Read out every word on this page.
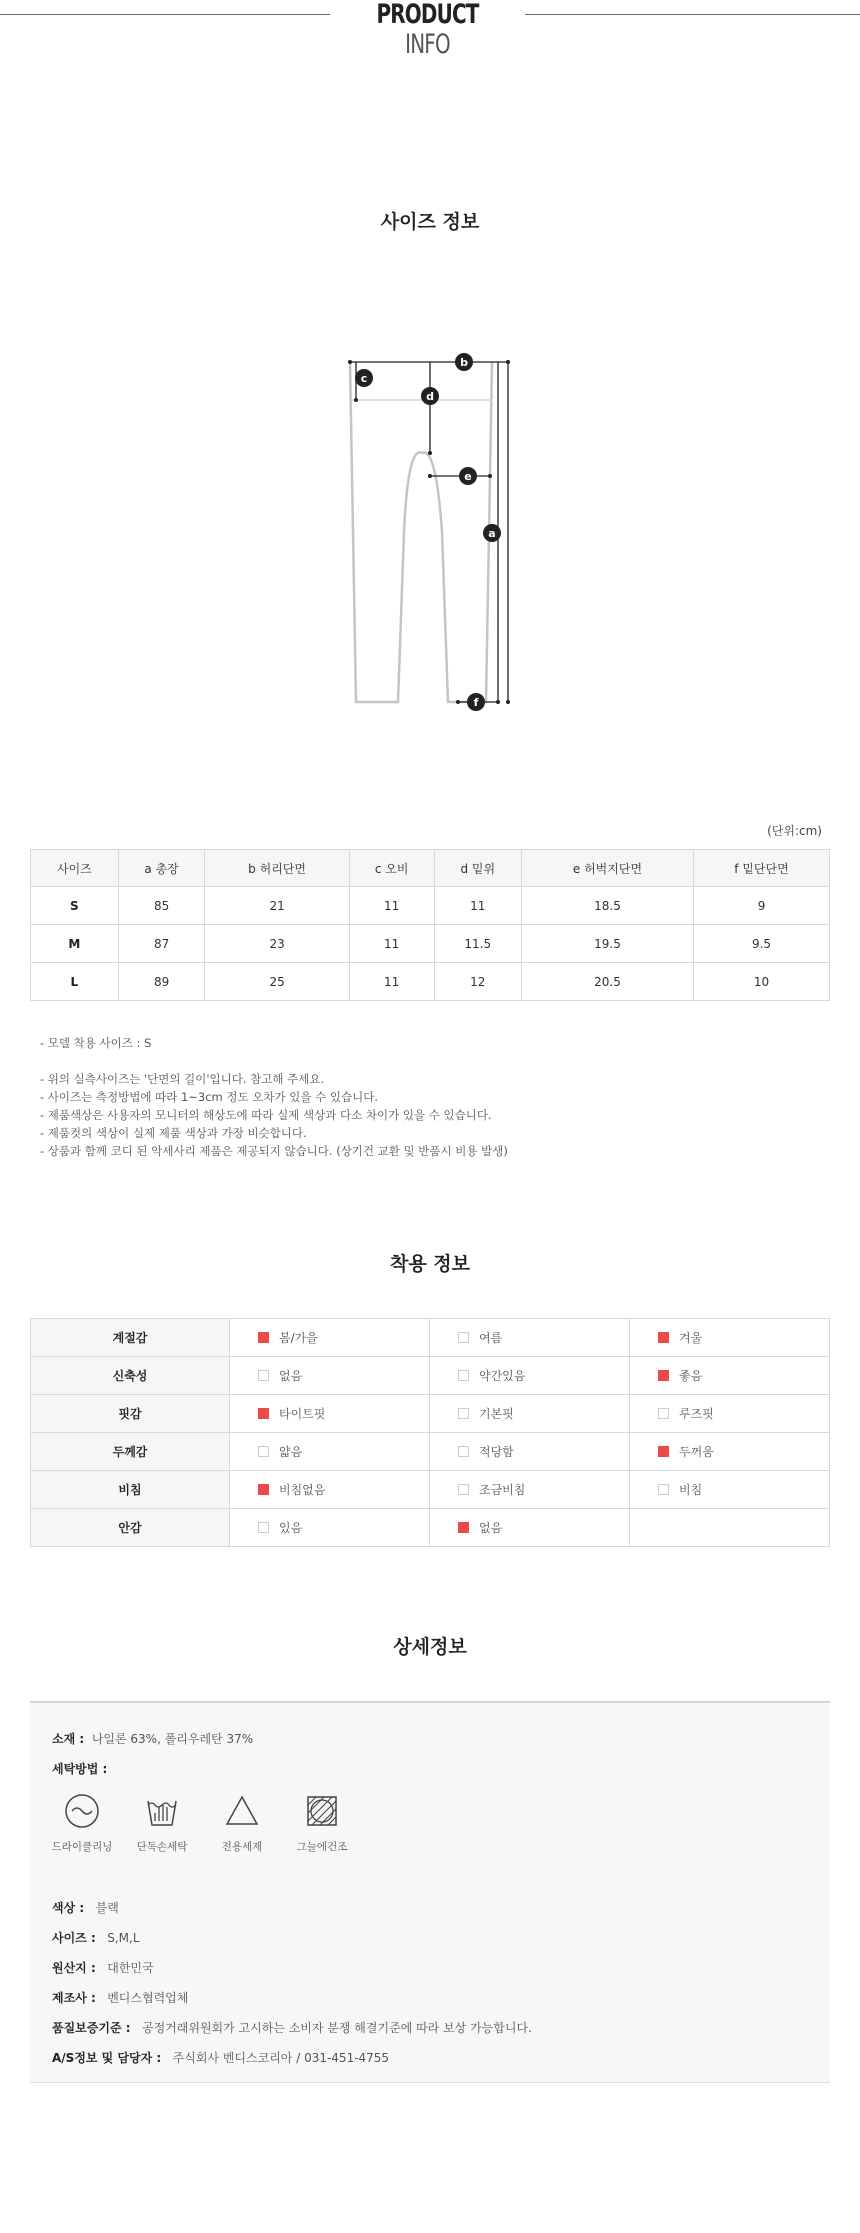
PRODUCT INFO
사이즈 정보
b
c
d
e
a
f
(단위:cm)
사이즈	a 총장	b 허리단면	c 오비	d 밑위	e 허벅지단면	f 밑단단면
S	85	21	11	11	18.5	9
M	87	23	11	11.5	19.5	9.5
L	89	25	11	12	20.5	10

- 모델 착용 사이즈 : S

- 위의 실측사이즈는 '단면의 길이'입니다. 참고해 주세요.

- 사이즈는 측정방법에 따라 1~3cm 정도 오차가 있을 수 있습니다.

- 제품색상은 사용자의 모니터의 해상도에 따라 실제 색상과 다소 차이가 있을 수 있습니다.

- 제품컷의 색상이 실제 제품 색상과 가장 비슷합니다.

- 상품과 함께 코디 된 악세사리 제품은 제공되지 않습니다. (상기건 교환 및 반품시 비용 발생)

착용 정보
계절감	봄/가을	여름	겨울
신축성	없음	약간있음	좋음
핏감	타이트핏	기본핏	루즈핏
두께감	얇음	적당함	두꺼움
비침	비침없음	조금비침	비침
안감	있음	없음	
상세정보
소재 : 나일론 63%, 폴리우레탄 37%
세탁방법 :
드라이클리닝	단독손세탁	전용세제	그늘에건조
색상 : 블랙
사이즈 : S,M,L
원산지 : 대한민국
제조사 : 벤디스협력업체
품질보증기준 : 공정거래위원회가 고시하는 소비자 분쟁 해결기준에 따라 보상 가능합니다.
A/S정보 및 담당자 : 주식회사 벤디스코리아 / 031-451-4755
